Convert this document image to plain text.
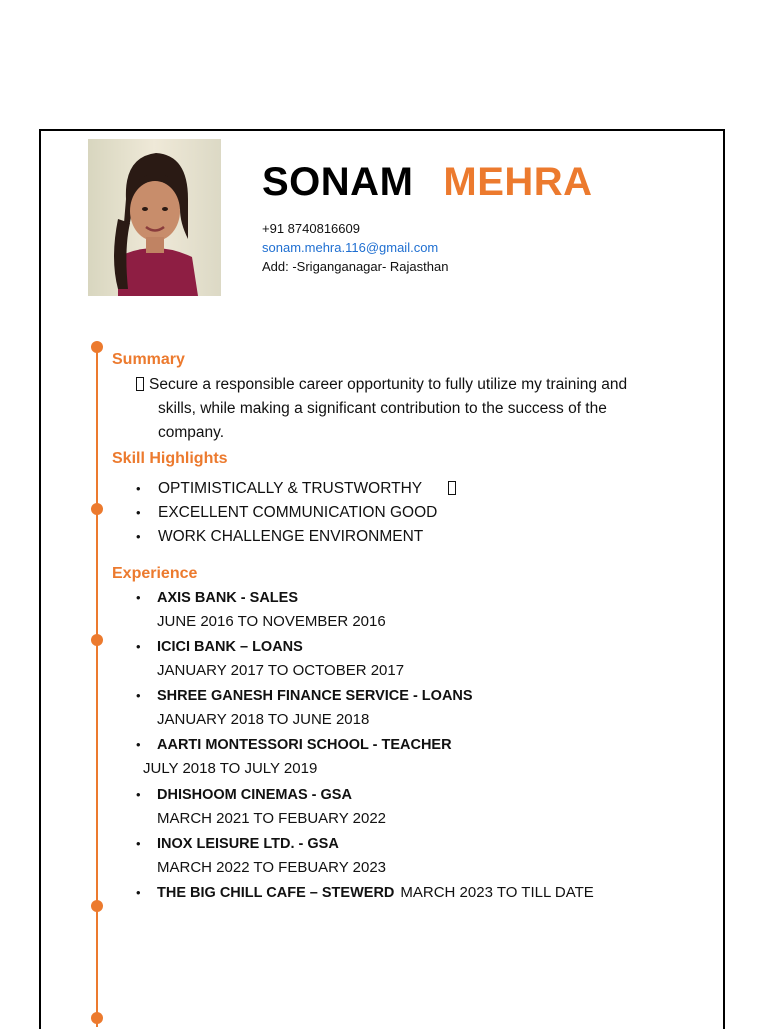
SONAM MEHRA
+91 8740816609
sonam.mehra.116@gmail.com
Add: -Sriganganagar- Rajasthan
Summary
Secure a responsible career opportunity to fully utilize my training and
skills, while making a significant contribution to the success of the
company.
Skill Highlights
• OPTIMISTICALLY & TRUSTWORTHY
• EXCELLENT COMMUNICATION GOOD
• WORK CHALLENGE ENVIRONMENT
Experience
• AXIS BANK - SALES
JUNE 2016 TO NOVEMBER 2016
• ICICI BANK – LOANS
JANUARY 2017 TO OCTOBER 2017
• SHREE GANESH FINANCE SERVICE - LOANS
JANUARY 2018 TO JUNE 2018
• AARTI MONTESSORI SCHOOL - TEACHER
JULY 2018 TO JULY 2019
• DHISHOOM CINEMAS - GSA
MARCH 2021 TO FEBUARY 2022
• INOX LEISURE LTD. - GSA
MARCH 2022 TO FEBUARY 2023
• THE BIG CHILL CAFE – STEWERD MARCH 2023 TO TILL DATE
